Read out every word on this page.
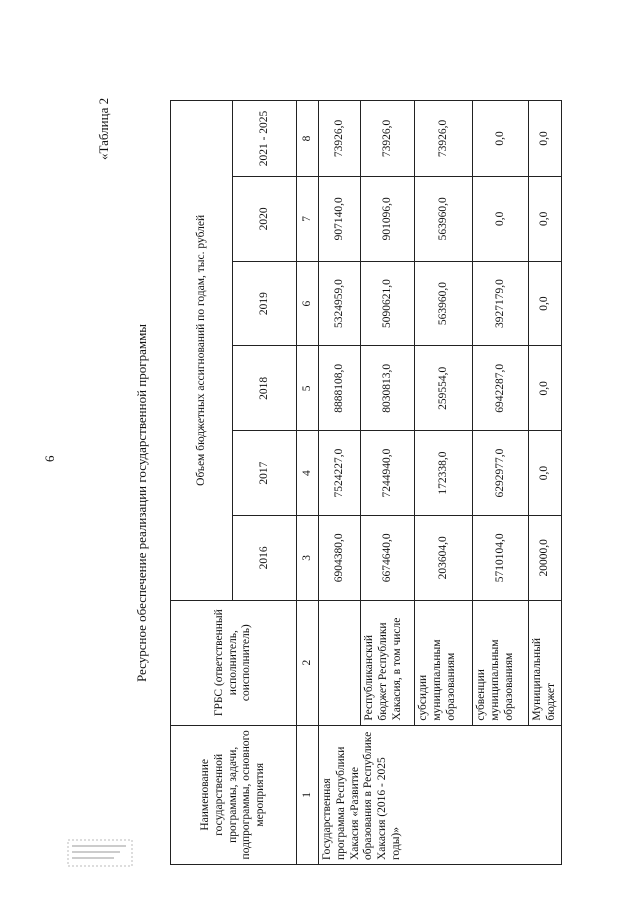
6
«Таблица 2
Ресурсное обеспечение реализации государственной программы
Наименование государственной программы, задачи, подпрограммы, основного мероприятия	ГРБС (ответственный исполнитель, соисполнитель)	Объем бюджетных ассигнований по годам, тыс. рублей					
		2016	2017	2018	2019	2020	2021 - 2025
1	2	3	4	5	6	7	8
Государственная программа Республики Хакасия «Развитие образования в Республике Хакасия (2016 - 2025 годы)»		6904380,0	7524227,0	8888108,0	5324959,0	907140,0	73926,0
	Республиканский бюджет Республики Хакасия, в том числе	6674640,0	7244940,0	8030813,0	5090621,0	901096,0	73926,0
	субсидии муниципальным образованиям	203604,0	172338,0	259554,0	563960,0	563960,0	73926,0
	субвенции муниципальным образованиям	5710104,0	6292977,0	6942287,0	3927179,0	0,0	0,0
	Муниципальный бюджет	20000,0	0,0	0,0	0,0	0,0	0,0
